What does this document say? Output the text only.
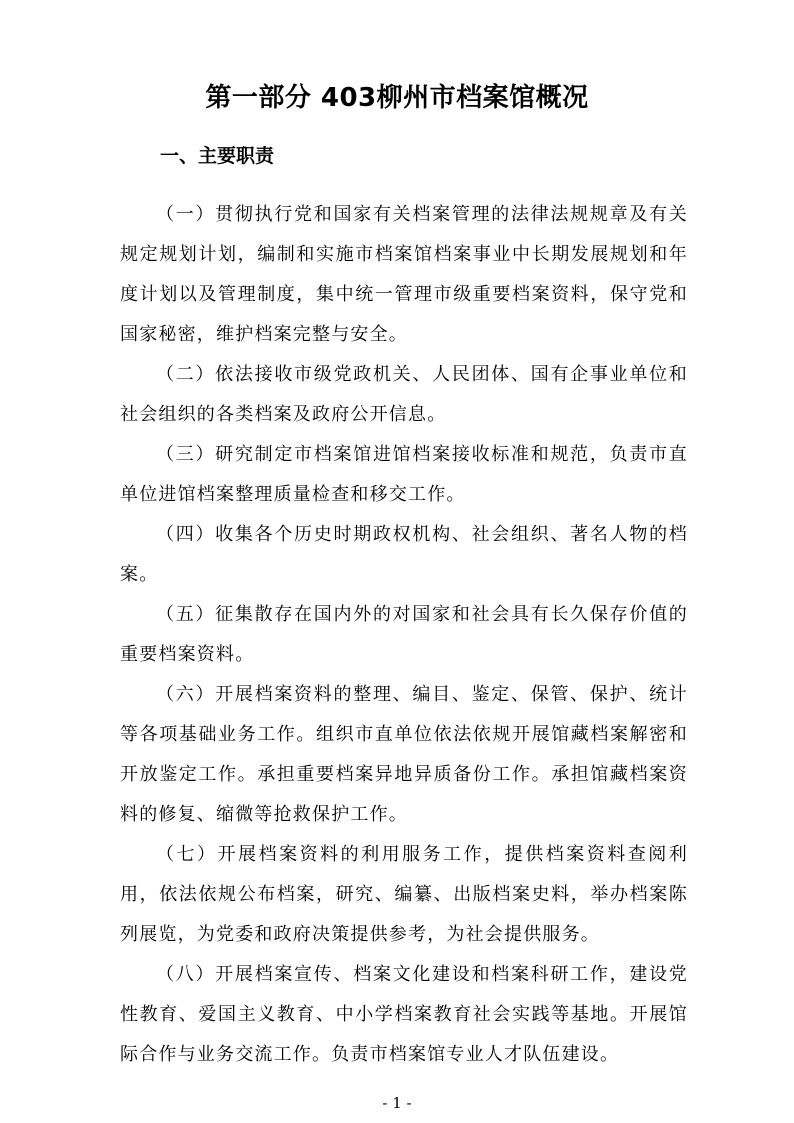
第一部分 403柳州市档案馆概况
一、主要职责

（一）贯彻执行党和国家有关档案管理的法律法规规章及有关规定规划计划，编制和实施市档案馆档案事业中长期发展规划和年度计划以及管理制度，集中统一管理市级重要档案资料，保守党和国家秘密，维护档案完整与安全。

（二）依法接收市级党政机关、人民团体、国有企事业单位和社会组织的各类档案及政府公开信息。

（三）研究制定市档案馆进馆档案接收标准和规范，负责市直单位进馆档案整理质量检查和移交工作。

（四）收集各个历史时期政权机构、社会组织、著名人物的档案。

（五）征集散存在国内外的对国家和社会具有长久保存价值的重要档案资料。

（六）开展档案资料的整理、编目、鉴定、保管、保护、统计等各项基础业务工作。组织市直单位依法依规开展馆藏档案解密和开放鉴定工作。承担重要档案异地异质备份工作。承担馆藏档案资料的修复、缩微等抢救保护工作。

（七）开展档案资料的利用服务工作，提供档案资料查阅利用，依法依规公布档案，研究、编纂、出版档案史料，举办档案陈列展览，为党委和政府决策提供参考，为社会提供服务。

（八）开展档案宣传、档案文化建设和档案科研工作，建设党性教育、爱国主义教育、中小学档案教育社会实践等基地。开展馆际合作与业务交流工作。负责市档案馆专业人才队伍建设。

- 1 -
